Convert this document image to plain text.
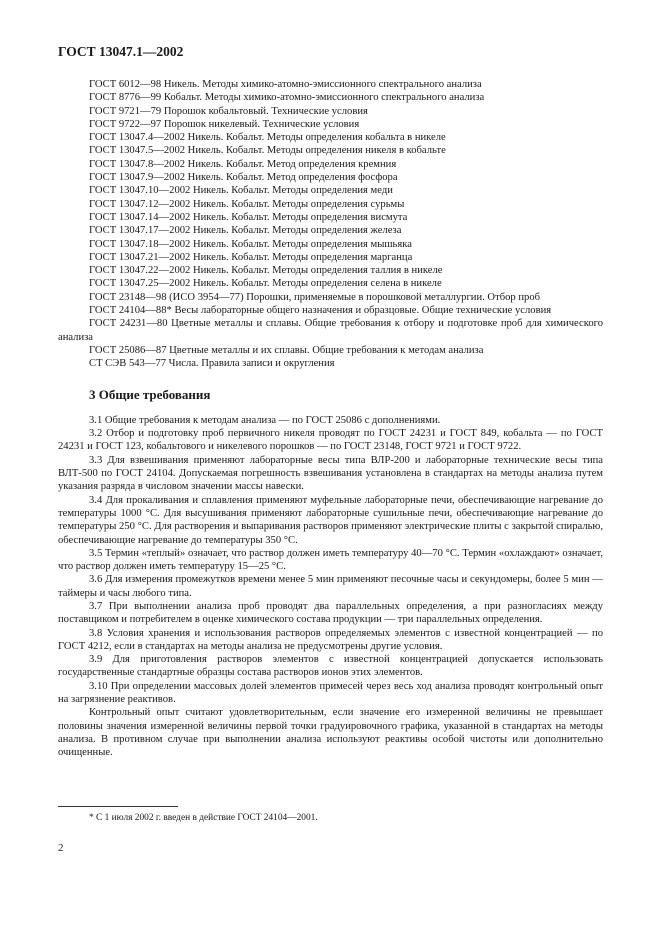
ГОСТ 13047.1—2002

ГОСТ 6012—98 Никель. Методы химико-атомно-эмиссионного спектрального анализа

ГОСТ 8776—99 Кобальт. Методы химико-атомно-эмиссионного спектрального анализа

ГОСТ 9721—79 Порошок кобальтовый. Технические условия

ГОСТ 9722—97 Порошок никелевый. Технические условия

ГОСТ 13047.4—2002 Никель. Кобальт. Методы определения кобальта в никеле

ГОСТ 13047.5—2002 Никель. Кобальт. Методы определения никеля в кобальте

ГОСТ 13047.8—2002 Никель. Кобальт. Метод определения кремния

ГОСТ 13047.9—2002 Никель. Кобальт. Метод определения фосфора

ГОСТ 13047.10—2002 Никель. Кобальт. Методы определения меди

ГОСТ 13047.12—2002 Никель. Кобальт. Методы определения сурьмы

ГОСТ 13047.14—2002 Никель. Кобальт. Методы определения висмута

ГОСТ 13047.17—2002 Никель. Кобальт. Методы определения железа

ГОСТ 13047.18—2002 Никель. Кобальт. Методы определения мышьяка

ГОСТ 13047.21—2002 Никель. Кобальт. Методы определения марганца

ГОСТ 13047.22—2002 Никель. Кобальт. Методы определения таллия в никеле

ГОСТ 13047.25—2002 Никель. Кобальт. Методы определения селена в никеле

ГОСТ 23148—98 (ИСО 3954—77) Порошки, применяемые в порошковой металлургии. Отбор проб

ГОСТ 24104—88* Весы лабораторные общего назначения и образцовые. Общие технические условия

ГОСТ 24231—80 Цветные металлы и сплавы. Общие требования к отбору и подготовке проб для химического анализа

ГОСТ 25086—87 Цветные металлы и их сплавы. Общие требования к методам анализа

СТ СЭВ 543—77 Числа. Правила записи и округления

3 Общие требования

3.1 Общие требования к методам анализа — по ГОСТ 25086 с дополнениями.

3.2 Отбор и подготовку проб первичного никеля проводят по ГОСТ 24231 и ГОСТ 849, кобальта — по ГОСТ 24231 и ГОСТ 123, кобальтового и никелевого порошков — по ГОСТ 23148, ГОСТ 9721 и ГОСТ 9722.

3.3 Для взвешивания применяют лабораторные весы типа ВЛР-200 и лабораторные технические весы типа ВЛТ-500 по ГОСТ 24104. Допускаемая погрешность взвешивания установлена в стандартах на методы анализа путем указания разряда в числовом значении массы навески.

3.4 Для прокаливания и сплавления применяют муфельные лабораторные печи, обеспечивающие нагревание до температуры 1000 °С. Для высушивания применяют лабораторные сушильные печи, обеспечивающие нагревание до температуры 250 °С. Для растворения и выпаривания растворов применяют электрические плиты с закрытой спиралью, обеспечивающие нагревание до температуры 350 °С.

3.5 Термин «теплый» означает, что раствор должен иметь температуру 40—70 °С. Термин «охлаждают» означает, что раствор должен иметь температуру 15—25 °С.

3.6 Для измерения промежутков времени менее 5 мин применяют песочные часы и секундомеры, более 5 мин — таймеры и часы любого типа.

3.7 При выполнении анализа проб проводят два параллельных определения, а при разногласиях между поставщиком и потребителем в оценке химического состава продукции — три параллельных определения.

3.8 Условия хранения и использования растворов определяемых элементов с известной концентрацией — по ГОСТ 4212, если в стандартах на методы анализа не предусмотрены другие условия.

3.9 Для приготовления растворов элементов с известной концентрацией допускается использовать государственные стандартные образцы состава растворов ионов этих элементов.

3.10 При определении массовых долей элементов примесей через весь ход анализа проводят контрольный опыт на загрязнение реактивов.

Контрольный опыт считают удовлетворительным, если значение его измеренной величины не превышает половины значения измеренной величины первой точки градуировочного графика, указанной в стандартах на методы анализа. В противном случае при выполнении анализа используют реактивы особой чистоты или дополнительно очищенные.

* С 1 июля 2002 г. введен в действие ГОСТ 24104—2001.
2
